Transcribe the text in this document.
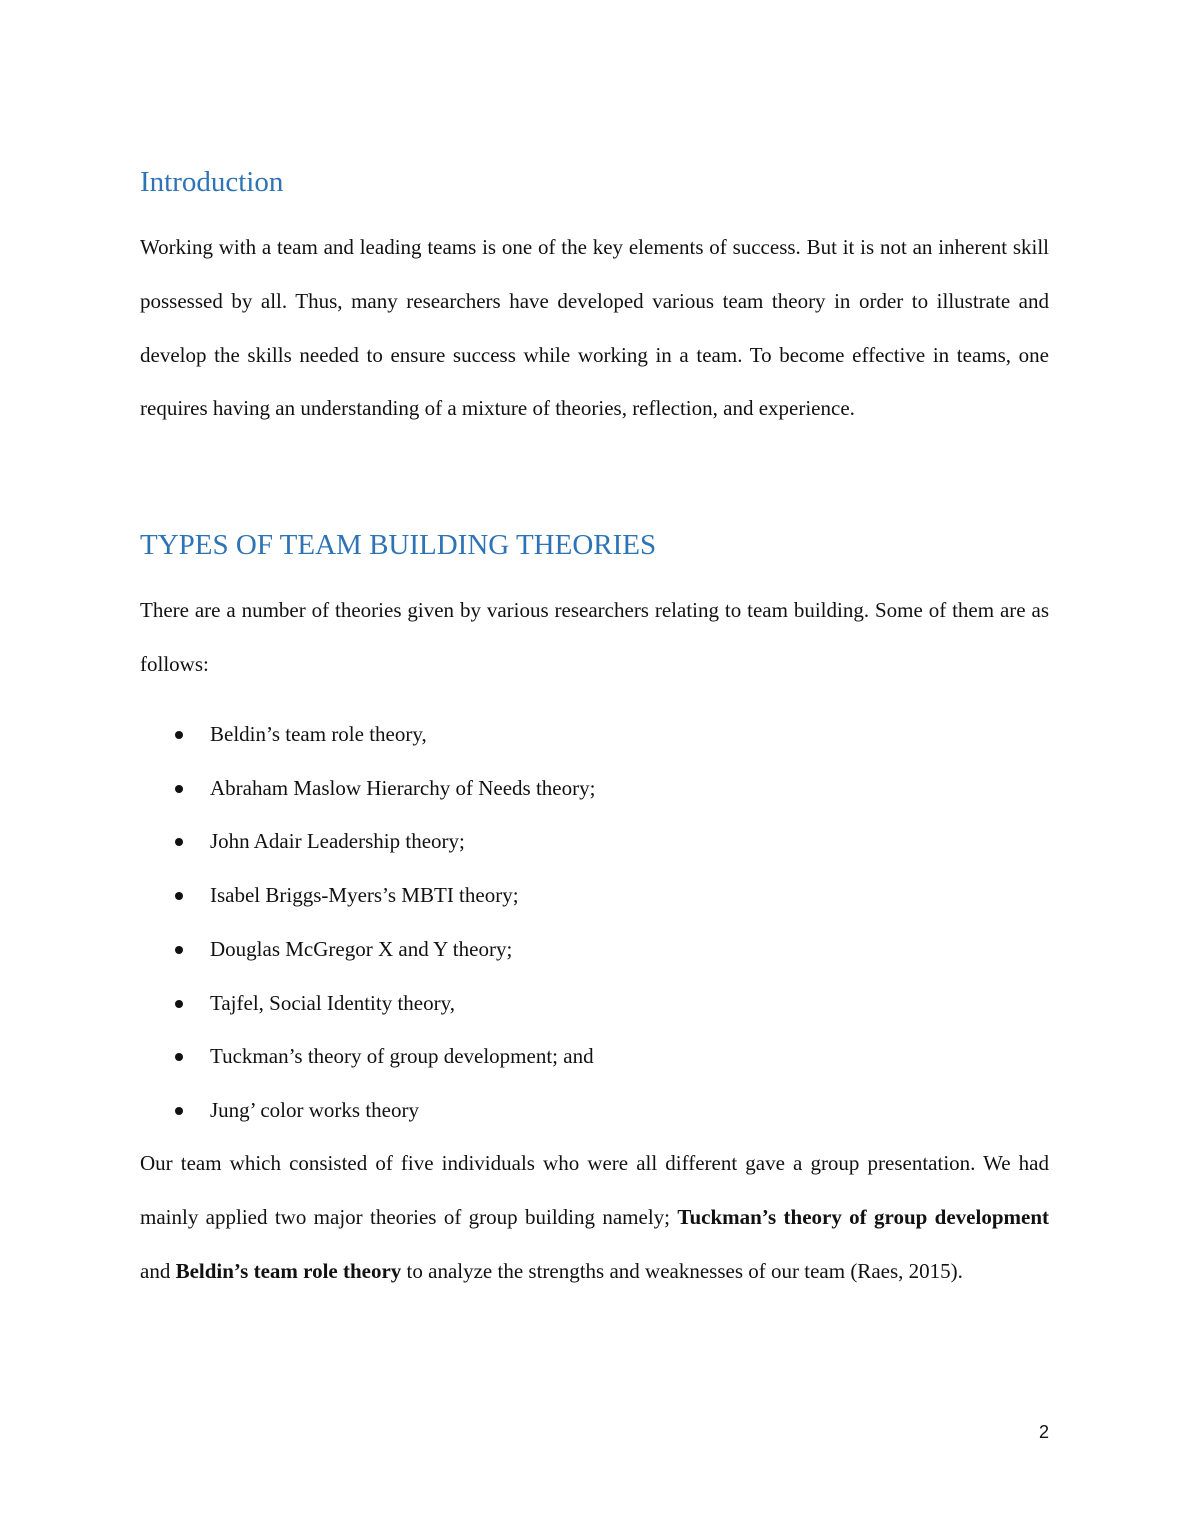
Introduction

Working with a team and leading teams is one of the key elements of success. But it is not an inherent skill possessed by all. Thus, many researchers have developed various team theory in order to illustrate and develop the skills needed to ensure success while working in a team. To become effective in teams, one requires having an understanding of a mixture of theories, reflection, and experience.

TYPES OF TEAM BUILDING THEORIES

There are a number of theories given by various researchers relating to team building. Some of them are as follows:

Beldin’s team role theory,
Abraham Maslow Hierarchy of Needs theory;
John Adair Leadership theory;
Isabel Briggs-Myers’s MBTI theory;
Douglas McGregor X and Y theory;
Tajfel, Social Identity theory,
Tuckman’s theory of group development; and
Jung’ color works theory

Our team which consisted of five individuals who were all different gave a group presentation. We had mainly applied two major theories of group building namely; Tuckman’s theory of group development and Beldin’s team role theory to analyze the strengths and weaknesses of our team (Raes, 2015).

2
